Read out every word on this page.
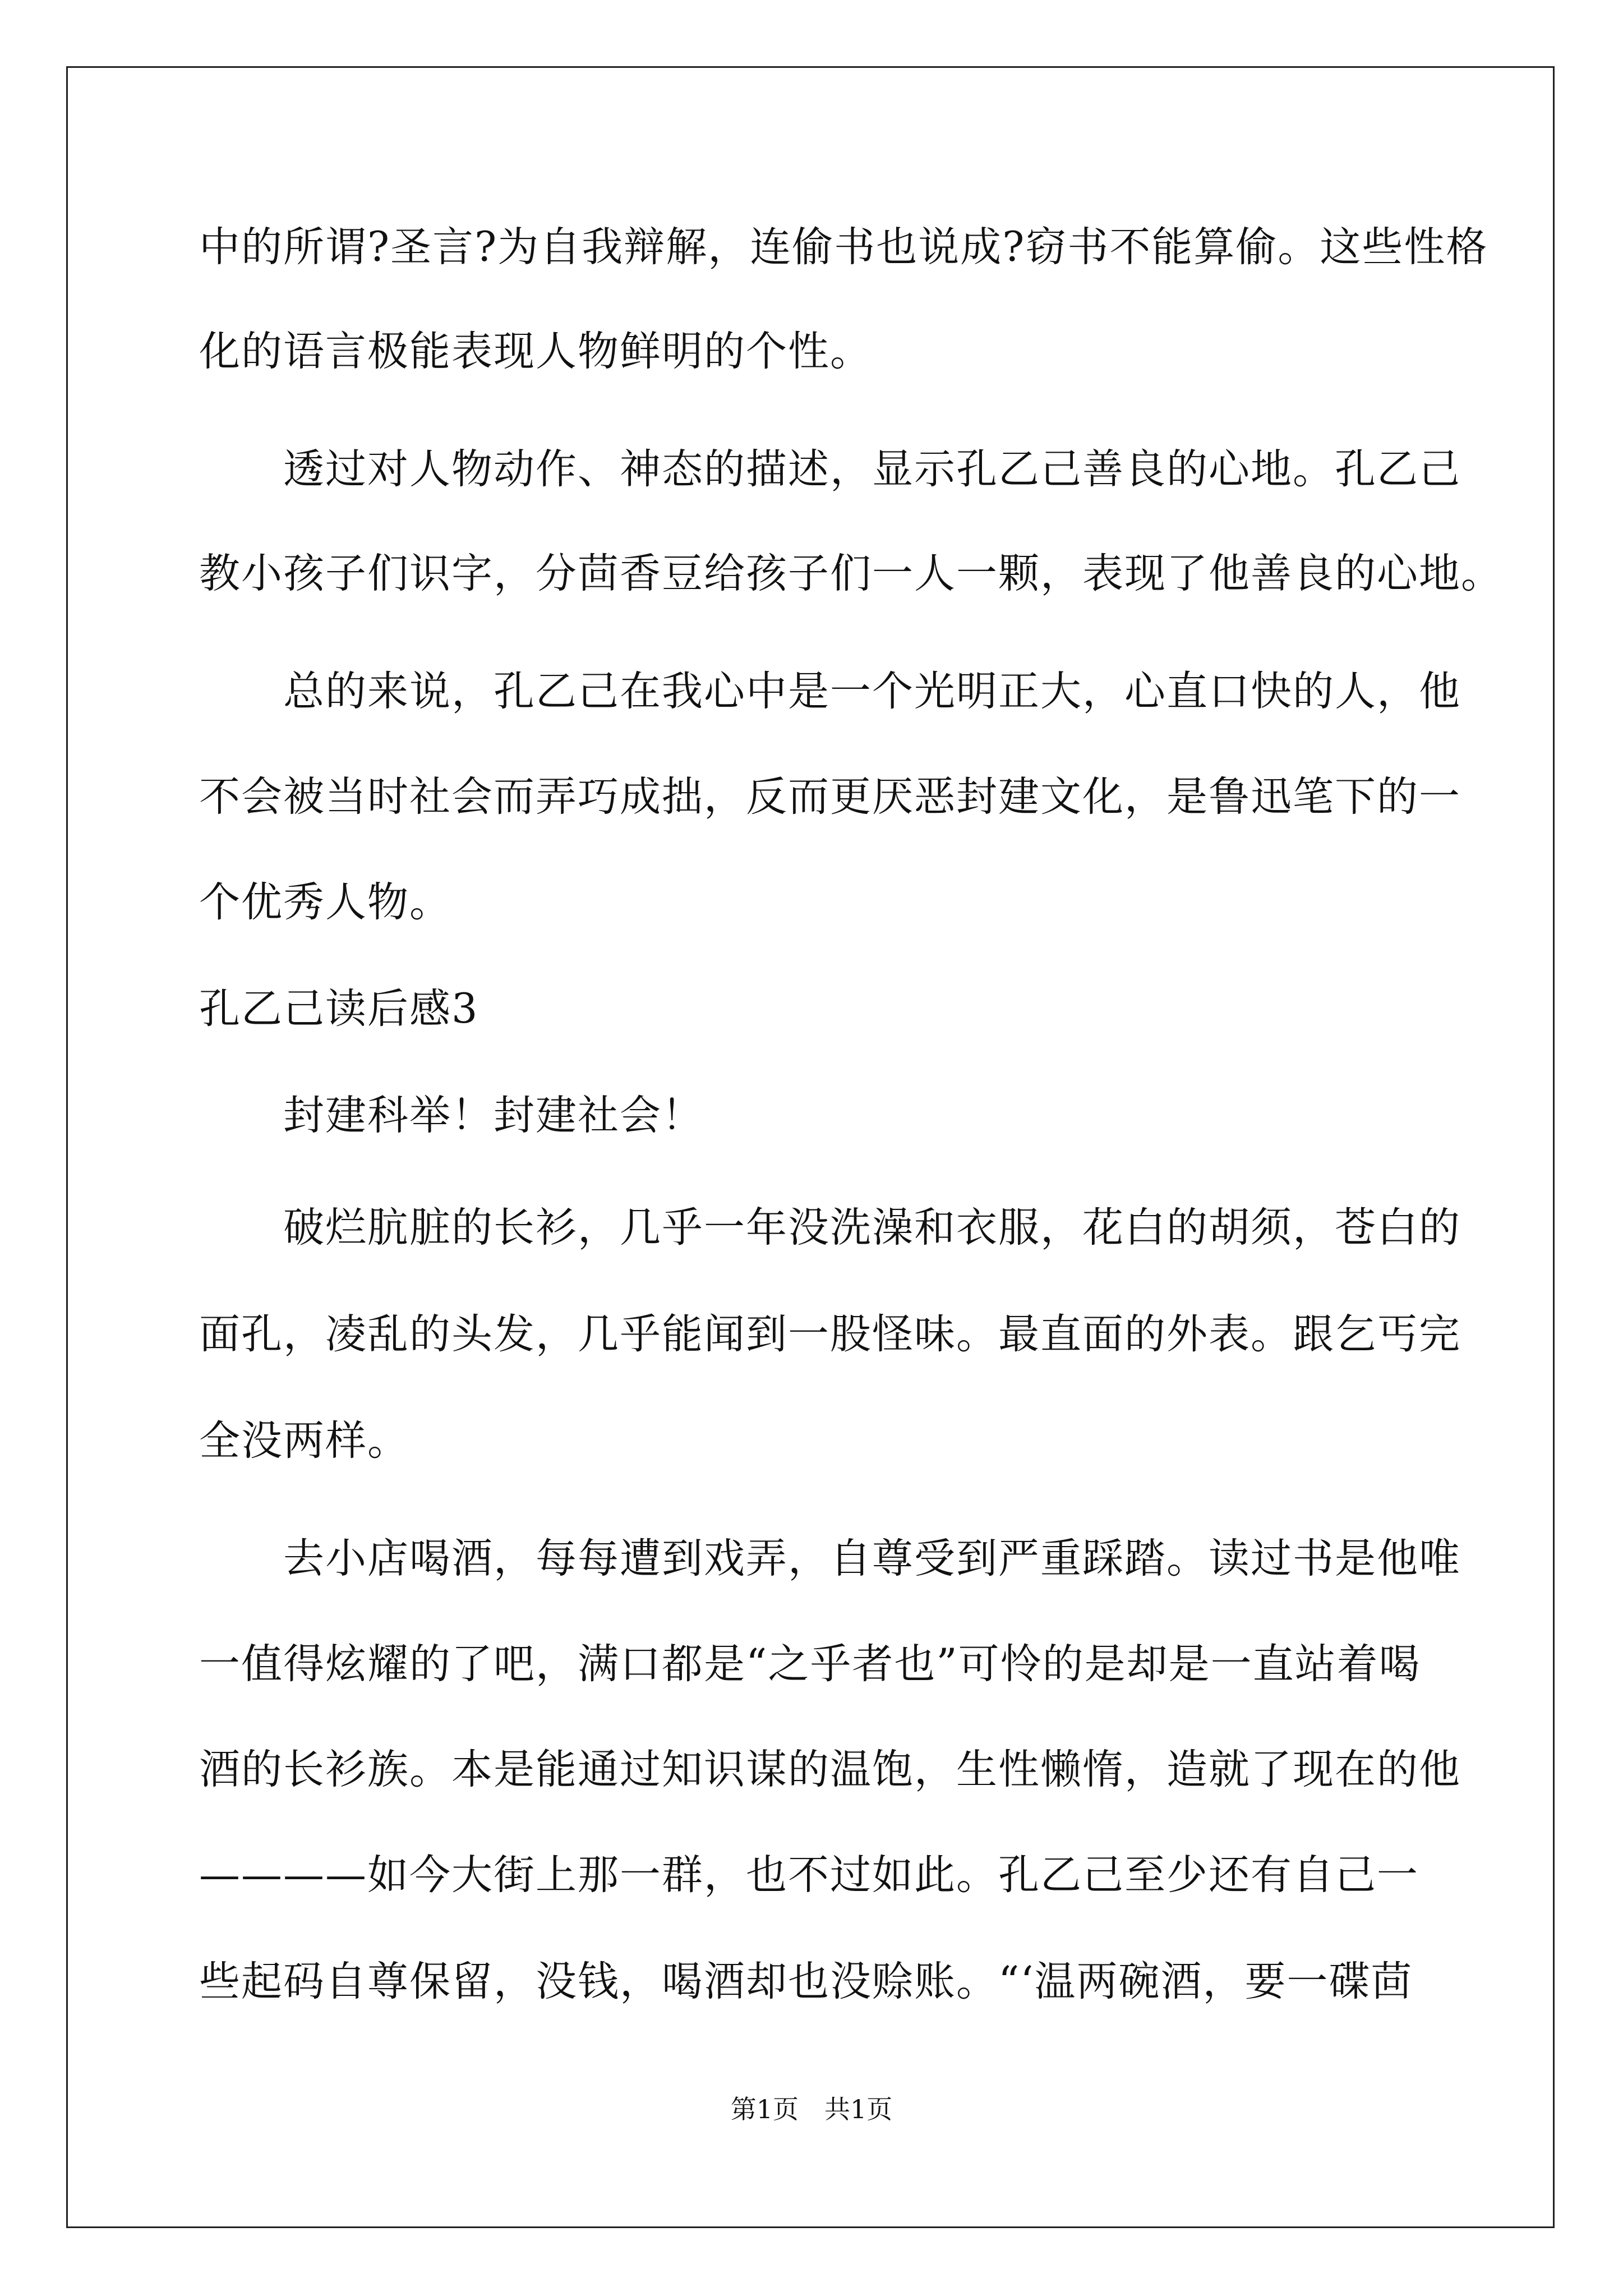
中的所谓?圣言?为自我辩解，连偷书也说成?窃书不能算偷。这些性格
化的语言极能表现人物鲜明的个性。
透过对人物动作、神态的描述，显示孔乙己善良的心地。孔乙己
教小孩子们识字，分茴香豆给孩子们一人一颗，表现了他善良的心地。
总的来说，孔乙己在我心中是一个光明正大，心直口快的人，他
不会被当时社会而弄巧成拙，反而更厌恶封建文化，是鲁迅笔下的一
个优秀人物。
孔乙己读后感3
封建科举！封建社会！
破烂肮脏的长衫，几乎一年没洗澡和衣服，花白的胡须，苍白的
面孔，凌乱的头发，几乎能闻到一股怪味。最直面的外表。跟乞丐完
全没两样。
去小店喝酒，每每遭到戏弄，自尊受到严重踩踏。读过书是他唯
一值得炫耀的了吧，满口都是“之乎者也”可怜的是却是一直站着喝
酒的长衫族。本是能通过知识谋的温饱，生性懒惰，造就了现在的他
————如今大街上那一群，也不过如此。孔乙己至少还有自己一
些起码自尊保留，没钱，喝酒却也没赊账。“‘温两碗酒，要一碟茴
第1页　共1页
